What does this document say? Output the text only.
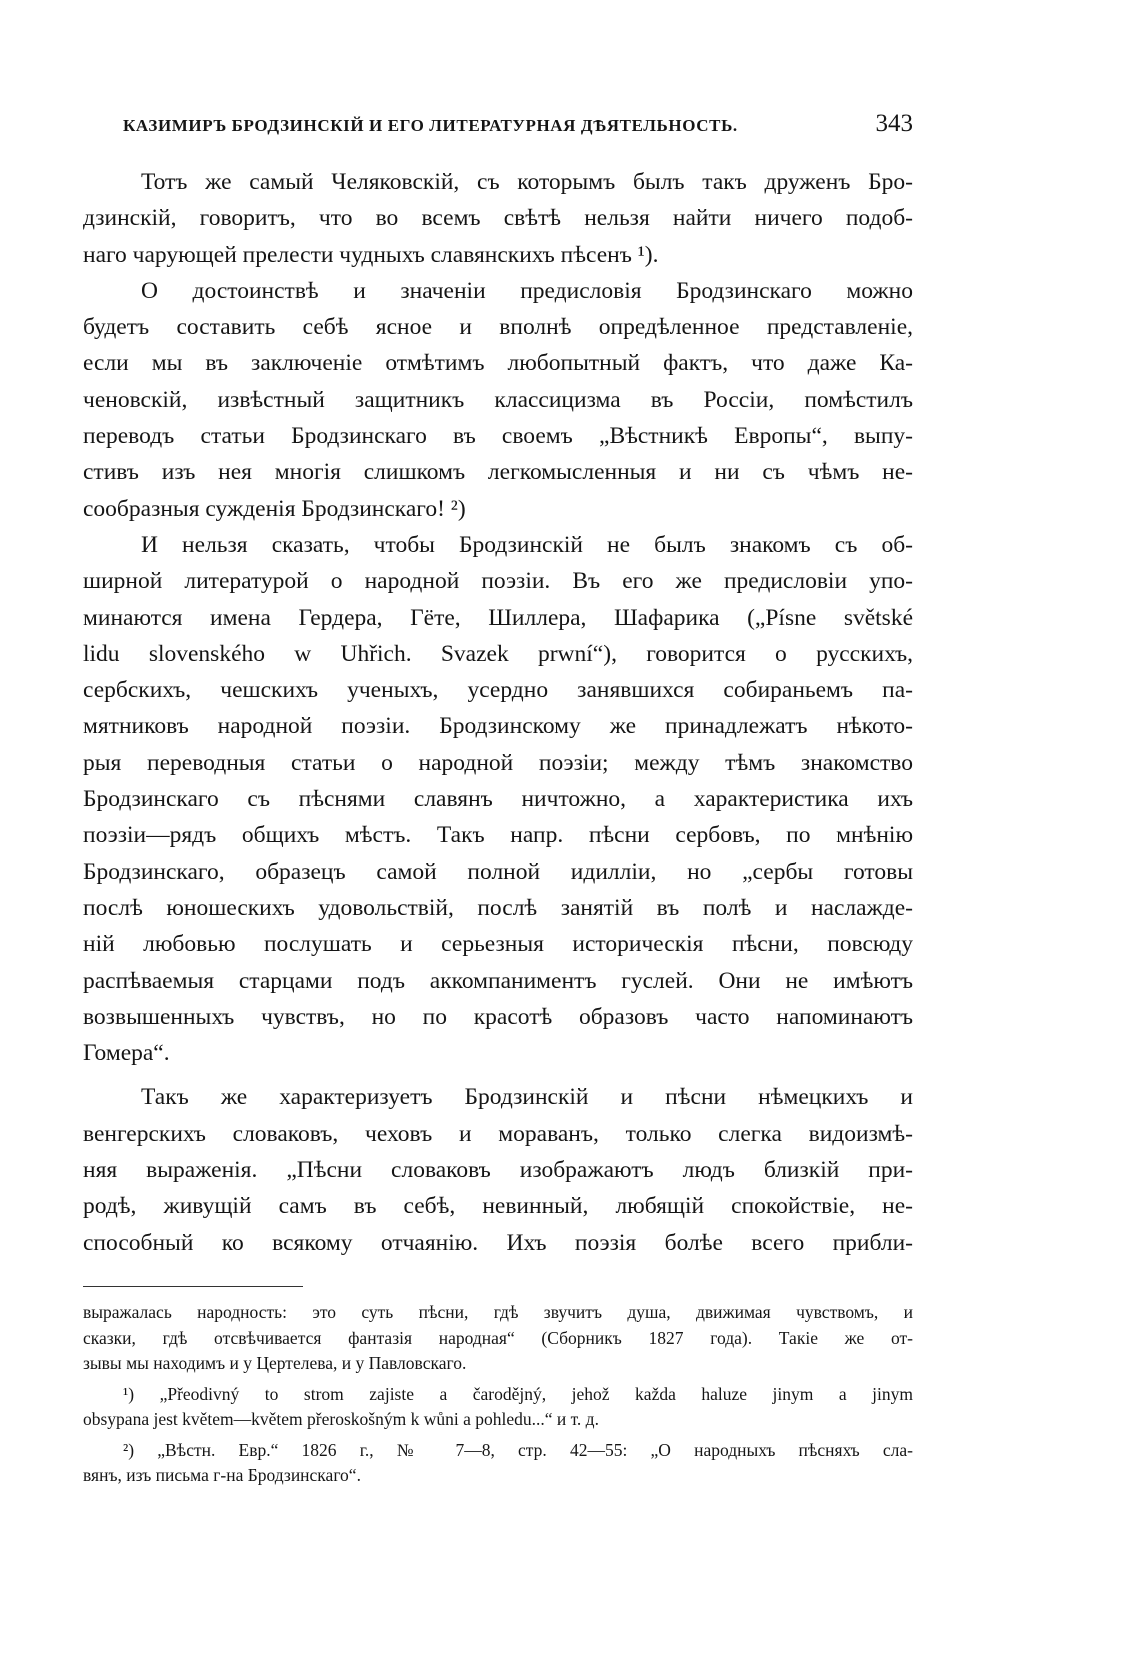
КАЗИМИРЪ БРОДЗИНСКІЙ И ЕГО ЛИТЕРАТУРНАЯ ДѢЯТЕЛЬНОСТЬ.	343
Тотъ же самый Челяковскій, съ которымъ былъ такъ друженъ Бро-
дзинскій, говоритъ, что во всемъ свѣтѣ нельзя найти ничего подоб-
наго чарующей прелести чудныхъ славянскихъ пѣсенъ ¹).
О достоинствѣ и значеніи предисловія Бродзинскаго можно
будетъ составить себѣ ясное и вполнѣ опредѣленное представленіе,
если мы въ заключеніе отмѣтимъ любопытный фактъ, что даже Ка-
ченовскій, извѣстный защитникъ классицизма въ Россіи, помѣстилъ
переводъ статьи Бродзинскаго въ своемъ „Вѣстникѣ Европы“, выпу-
стивъ изъ нея многія слишкомъ легкомысленныя и ни съ чѣмъ не-
сообразныя сужденія Бродзинскаго! ²)
И нельзя сказать, чтобы Бродзинскій не былъ знакомъ съ об-
ширной литературой о народной поэзіи. Въ его же предисловіи упо-
минаются имена Гердера, Гёте, Шиллера, Шафарика („Písne světské
lidu slovenského w Uhřich. Svazek prwní“), говорится о русскихъ,
сербскихъ, чешскихъ ученыхъ, усердно занявшихся собираньемъ па-
мятниковъ народной поэзіи. Бродзинскому же принадлежатъ нѣкото-
рыя переводныя статьи о народной поэзіи; между тѣмъ знакомство
Бродзинскаго съ пѣснями славянъ ничтожно, а характеристика ихъ
поэзіи—рядъ общихъ мѣстъ. Такъ напр. пѣсни сербовъ, по мнѣнію
Бродзинскаго, образецъ самой полной идилліи, но „сербы готовы
послѣ юношескихъ удовольствій, послѣ занятій въ полѣ и наслажде-
ній любовью послушать и серьезныя историческія пѣсни, повсюду
распѣваемыя старцами подъ аккомпаниментъ гуслей. Они не имѣютъ
возвышенныхъ чувствъ, но по красотѣ образовъ часто напоминаютъ
Гомера“.
Такъ же характеризуетъ Бродзинскій и пѣсни нѣмецкихъ и
венгерскихъ словаковъ, чеховъ и мораванъ, только слегка видоизмѣ-
няя выраженія. „Пѣсни словаковъ изображаютъ людъ близкій при-
родѣ, живущій самъ въ себѣ, невинный, любящій спокойствіе, не-
способный ко всякому отчаянію. Ихъ поэзія болѣе всего прибли-
выражалась народность: это суть пѣсни, гдѣ звучитъ душа, движимая чувствомъ, и
сказки, гдѣ отсвѣчивается фантазія народная“ (Сборникъ 1827 года). Такіе же от-
зывы мы находимъ и у Цертелева, и у Павловскаго.
¹) „Přeodivný to strom zajiste a čarodějný, jehož každa haluze jinym a jinym
obsypana jest květem—květem přeroskošným k wůni a pohledu...“ и т. д.
²) „Вѣстн. Евр.“ 1826 г., № 7—8, стр. 42—55: „О народныхъ пѣсняхъ сла-
вянъ, изъ письма г-на Бродзинскаго“.
